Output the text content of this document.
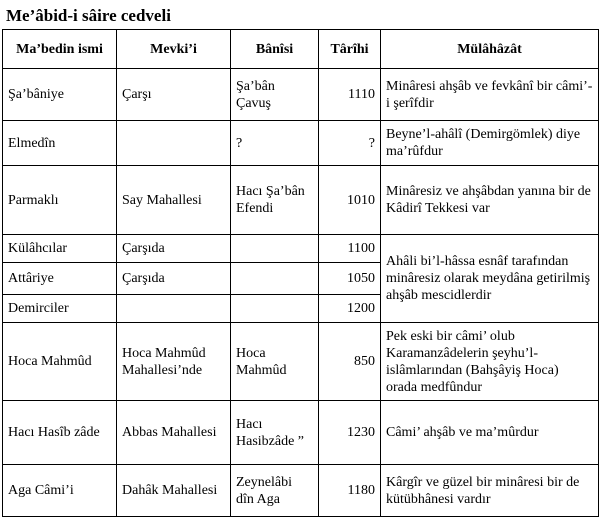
Me’âbid-i sâire cedveli
Ma’bedin ismi	Mevki’i	Bânîsi	Târîhi	Mülâhâzât
Şa’bâniye	Çarşı	Şa’bân Çavuş	1110	Minâresi ahşâb ve fevkânî bir câmi’-i şerîfdir
Elmedîn		?	?	Beyne’l-ahâlî (Demirgömlek) diye ma’rûfdur
Parmaklı	Say Mahallesi	Hacı Şa’bân Efendi	1010	Minâresiz ve ahşâbdan yanına bir de Kâdirî Tekkesi var
Külâhcılar	Çarşıda		1100	Ahâli bi’l-hâssa esnâf tarafından minâresiz olarak meydâna getirilmiş ahşâb mescidlerdir
Attâriye	Çarşıda		1050	
Demirciler			1200	
Hoca Mahmûd	Hoca Mahmûd Mahallesi’nde	Hoca Mahmûd	850	Pek eski bir câmi’ olub Karamanzâdelerin şeyhu’l-islâmlarından (Bahşâyiş Hoca) orada medfûndur
Hacı Hasîb zâde	Abbas Mahallesi	Hacı Hasibzâde ”	1230	Câmi’ ahşâb ve ma’mûrdur
Aga Câmi’i	Dahâk Mahallesi	Zeynelâbi dîn Aga	1180	Kârgîr ve güzel bir minâresi bir de kütübhânesi vardır
